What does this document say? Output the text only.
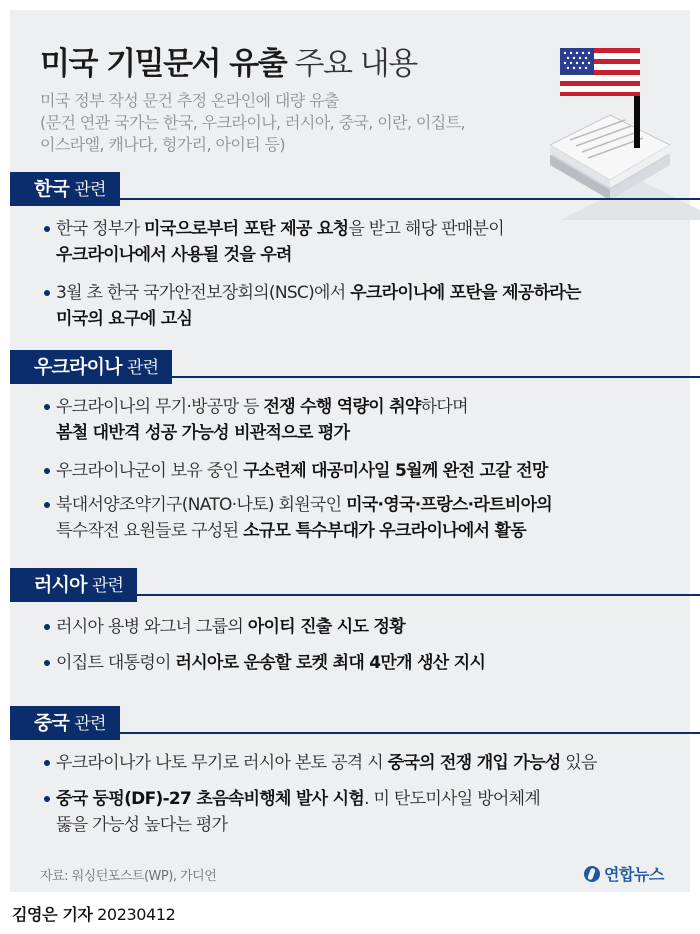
미국 기밀문서 유출 주요 내용
미국 정부 작성 문건 추정 온라인에 대량 유출
(문건 연관 국가는 한국, 우크라이나, 러시아, 중국, 이란, 이집트,
이스라엘, 캐나다, 헝가리, 아이티 등)
한국 관련
한국 정부가 미국으로부터 포탄 제공 요청을 받고 해당 판매분이
우크라이나에서 사용될 것을 우려
3월 초 한국 국가안전보장회의(NSC)에서 우크라이나에 포탄을 제공하라는
미국의 요구에 고심
우크라이나 관련
우크라이나의 무기·방공망 등 전쟁 수행 역량이 취약하다며
봄철 대반격 성공 가능성 비관적으로 평가
우크라이나군이 보유 중인 구소련제 대공미사일 5월께 완전 고갈 전망
북대서양조약기구(NATO·나토) 회원국인 미국·영국·프랑스·라트비아의
특수작전 요원들로 구성된 소규모 특수부대가 우크라이나에서 활동
러시아 관련
러시아 용병 와그너 그룹의 아이티 진출 시도 정황
이집트 대통령이 러시아로 운송할 로켓 최대 4만개 생산 지시
중국 관련
우크라이나가 나토 무기로 러시아 본토 공격 시 중국의 전쟁 개입 가능성 있음
중국 둥펑(DF)-27 초음속비행체 발사 시험. 미 탄도미사일 방어체계
뚫을 가능성 높다는 평가
자료: 워싱턴포스트(WP), 가디언	연합뉴스
김영은 기자 20230412
